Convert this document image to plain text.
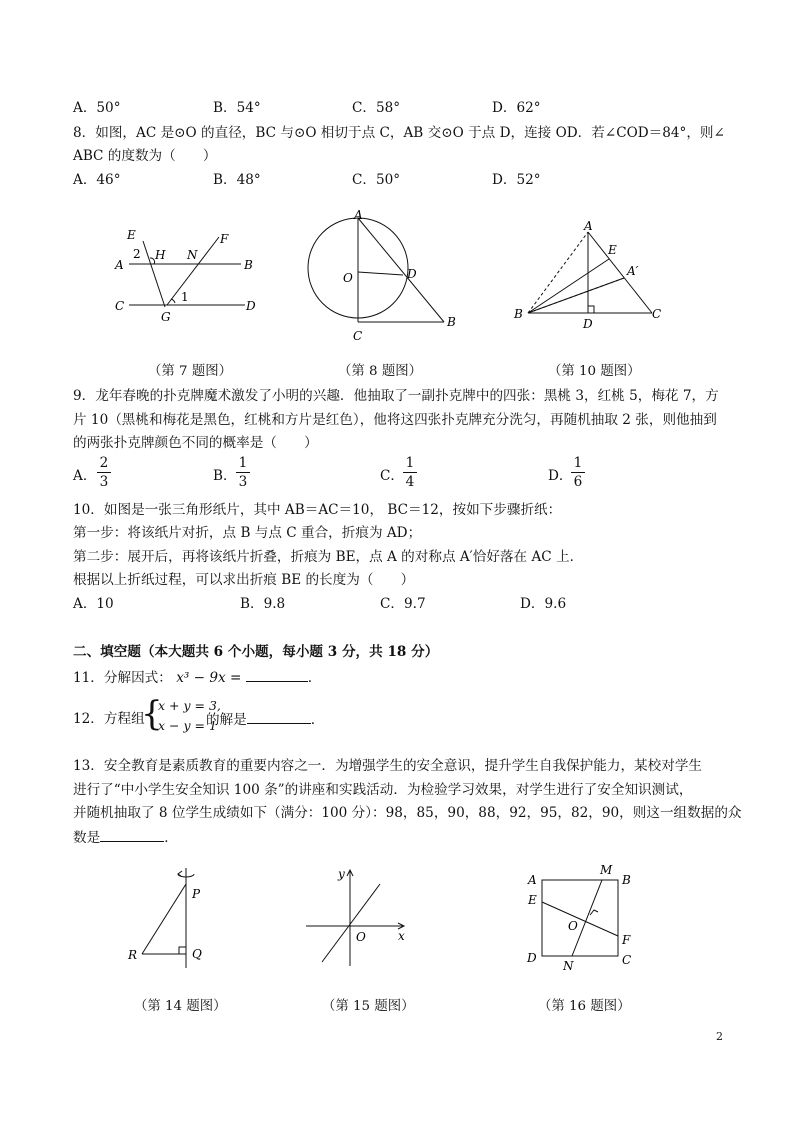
A．50°	B．54°	C．58°	D．62°
8．如图，AC 是⊙O 的直径，BC 与⊙O 相切于点 C，AB 交⊙O 于点 D，连接 OD．若∠COD＝84°，则∠
ABC 的度数为（　　）
A．46°	B．48°	C．50°	D．52°
E	F
A	B
C	D
G
H N
1
2
A
B
C
D
O
A
B	C
D
E
A′
（第 7 题图）	（第 8 题图）	（第 10 题图）
9．龙年春晚的扑克牌魔术激发了小明的兴趣．他抽取了一副扑克牌中的四张：黑桃 3，红桃 5，梅花 7，方
片 10（黑桃和梅花是黑色，红桃和方片是红色），他将这四张扑克牌充分洗匀，再随机抽取 2 张，则他抽到
的两张扑克牌颜色不同的概率是（　　）
A． $\frac{2}{3}$	B． $\frac{1}{3}$	C． $\frac{1}{4}$	D．
$\frac{1}{6}$
10．如图是一张三角形纸片，其中 AB＝AC＝10， BC＝12，按如下步骤折纸：
第一步：将该纸片对折，点 B 与点 C 重合，折痕为 AD；
第二步：展开后，再将该纸片折叠，折痕为 BE，点 A 的对称点 A′恰好落在 AC 上．
根据以上折纸过程，可以求出折痕 BE 的长度为（　　）
A．10	B．9.8	C．9.7	D．9.6
二、填空题（本大题共 6 个小题，每小题 3 分，共 18 分）
11．分解因式： x³ − 9x =	.
12．方程组
{
x + y = 3,
x − y = 1
的解是	.
13．安全教育是素质教育的重要内容之一．为增强学生的安全意识，提升学生自我保护能力，某校对学生
进行了“中小学生安全知识 100 条”的讲座和实践活动．为检验学习效果，对学生进行了安全知识测试，
并随机抽取了 8 位学生成绩如下（满分：100 分）：98，85，90，88，92，95，82，90，则这一组数据的众
数是	．
P
Q
R
x
y
O
A	B
C
D
E
F
M
N
O
（第 14 题图）	（第 15 题图）	（第 16 题图）
2
